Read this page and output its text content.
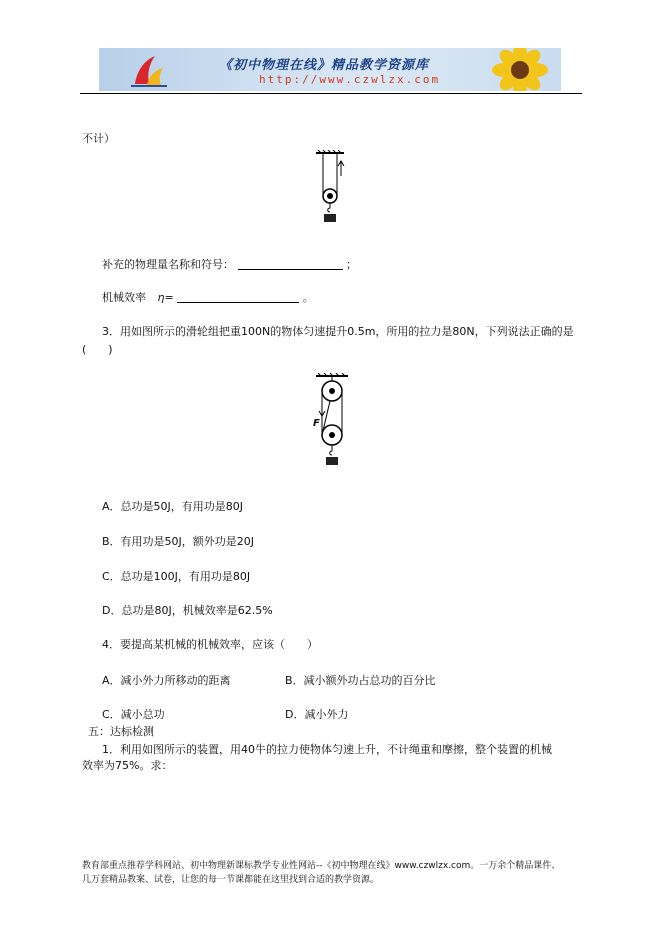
《初中物理在线》精品教学资源库
http://www.czwlzx.com
不计）
补充的物理量名称和符号：	；
机械效率 η=	。
3．用如图所示的滑轮组把重100N的物体匀速提升0.5m，所用的拉力是80N，下列说法正确的是
(　　)
F
A．总功是50J，有用功是80J
B．有用功是50J，额外功是20J
C．总功是100J，有用功是80J
D．总功是80J，机械效率是62.5%
4．要提高某机械的机械效率，应该（　　）
A．减小外力所移动的距离	B．减小额外功占总功的百分比
C．减小总功	D．减小外力
五：达标检测
1．利用如图所示的装置，用40牛的拉力使物体匀速上升，不计绳重和摩擦，整个装置的机械
效率为75%。求：
教育部重点推荐学科网站、初中物理新课标教学专业性网站--《初中物理在线》www.czwlzx.com。一万余个精品课件、
几万套精品教案、试卷，让您的每一节课都能在这里找到合适的教学资源。
